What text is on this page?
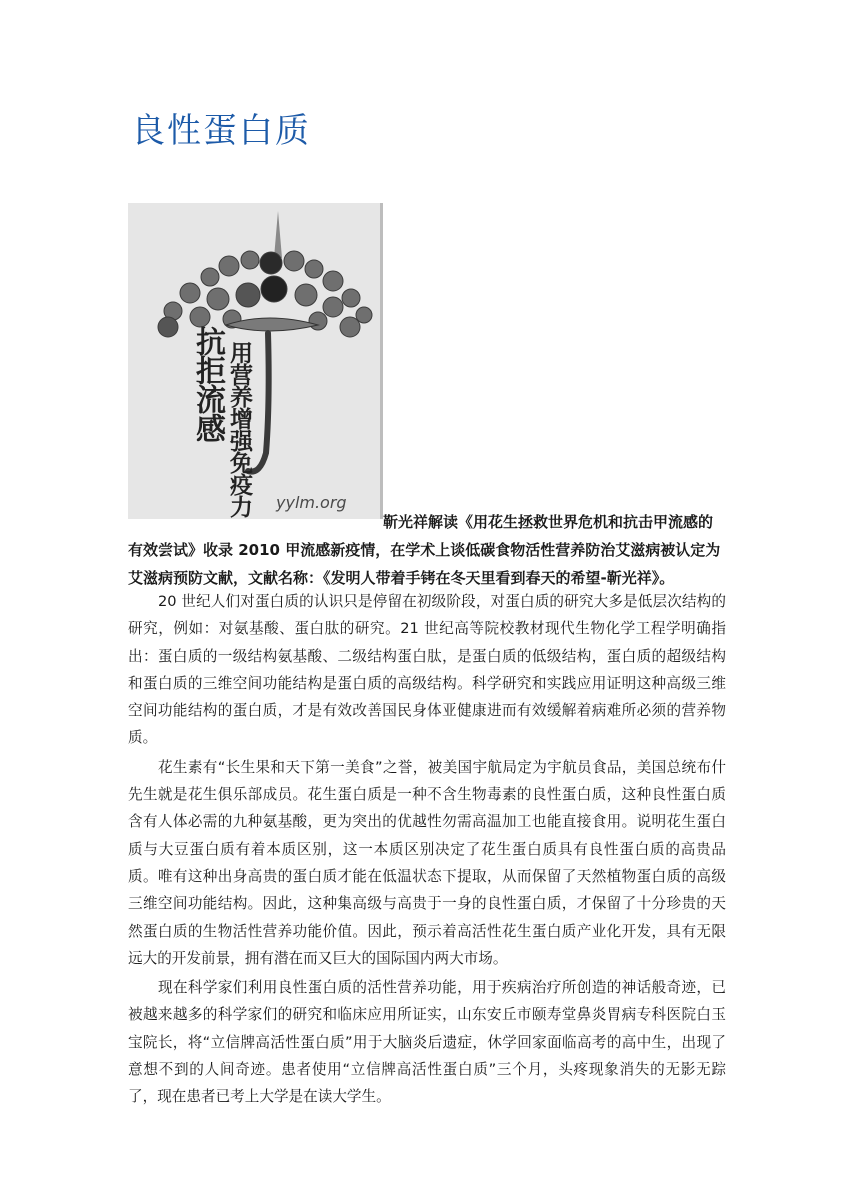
良性蛋白质
抗拒流感 用营养增强免疫力 yylm.org
靳光祥解读《用花生拯救世界危机和抗击甲流感的
有效尝试》收录 2010 甲流感新疫情，在学术上谈低碳食物活性营养防治艾滋病被认定为艾滋病预防文献，文献名称：《发明人带着手铐在冬天里看到春天的希望-靳光祥》。

20 世纪人们对蛋白质的认识只是停留在初级阶段，对蛋白质的研究大多是低层次结构的研究，例如：对氨基酸、蛋白肽的研究。21 世纪高等院校教材现代生物化学工程学明确指出：蛋白质的一级结构氨基酸、二级结构蛋白肽，是蛋白质的低级结构，蛋白质的超级结构和蛋白质的三维空间功能结构是蛋白质的高级结构。科学研究和实践应用证明这种高级三维空间功能结构的蛋白质，才是有效改善国民身体亚健康进而有效缓解着病难所必须的营养物质。

花生素有“长生果和天下第一美食”之誉，被美国宇航局定为宇航员食品，美国总统布什先生就是花生俱乐部成员。花生蛋白质是一种不含生物毒素的良性蛋白质，这种良性蛋白质含有人体必需的九种氨基酸，更为突出的优越性勿需高温加工也能直接食用。说明花生蛋白质与大豆蛋白质有着本质区别，这一本质区别决定了花生蛋白质具有良性蛋白质的高贵品质。唯有这种出身高贵的蛋白质才能在低温状态下提取，从而保留了天然植物蛋白质的高级三维空间功能结构。因此，这种集高级与高贵于一身的良性蛋白质，才保留了十分珍贵的天然蛋白质的生物活性营养功能价值。因此，预示着高活性花生蛋白质产业化开发，具有无限远大的开发前景，拥有潜在而又巨大的国际国内两大市场。

现在科学家们利用良性蛋白质的活性营养功能，用于疾病治疗所创造的神话般奇迹，已被越来越多的科学家们的研究和临床应用所证实，山东安丘市颐寿堂鼻炎胃病专科医院白玉宝院长，将“立信牌高活性蛋白质”用于大脑炎后遗症，休学回家面临高考的高中生，出现了意想不到的人间奇迹。患者使用“立信牌高活性蛋白质”三个月，头疼现象消失的无影无踪了，现在患者已考上大学是在读大学生。
